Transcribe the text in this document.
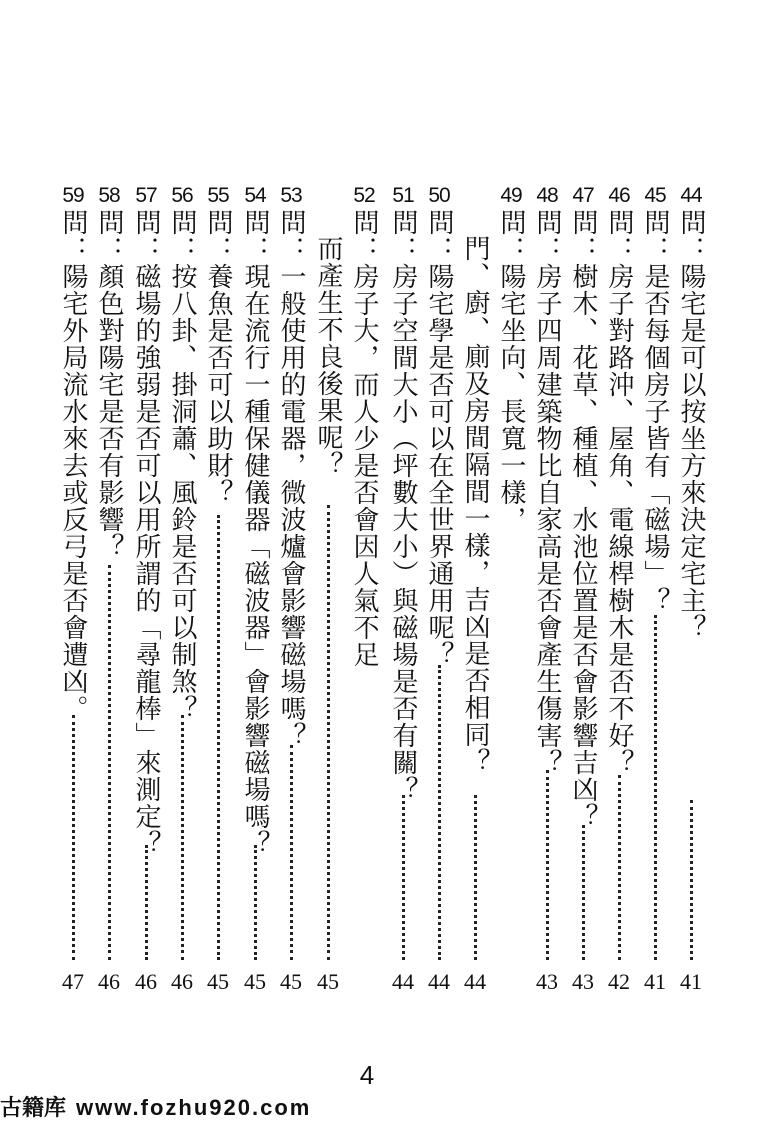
44
問：陽宅是可以按坐方來決定宅主？
41
45
問：是否每個房子皆有「磁場」？
41
46
問：房子對路沖、屋角、電線桿樹木是否不好？
42
47
問：樹木、花草、種植、水池位置是否會影響吉凶？
43
48
問：房子四周建築物比自家高是否會產生傷害？
43
49
問：陽宅坐向、長寬一樣，
門、廚、廁及房間隔間一樣，吉凶是否相同？
44
50
問：陽宅學是否可以在全世界通用呢？
44
51
問：房子空間大小（坪數大小）與磁場是否有關？
44
52
問：房子大，而人少是否會因人氣不足
而產生不良後果呢？
45
53
問：一般使用的電器，微波爐會影響磁場嗎？
45
54
問：現在流行一種保健儀器「磁波器」會影響磁場嗎？
45
55
問：養魚是否可以助財？
45
56
問：按八卦、掛洞蕭、風鈴是否可以制煞？
46
57
問：磁場的強弱是否可以用所謂的「尋龍棒」來測定？
46
58
問：顏色對陽宅是否有影響？
46
59
問：陽宅外局流水來去或反弓是否會遭凶。
47
4
古籍库 www.fozhu920.com
